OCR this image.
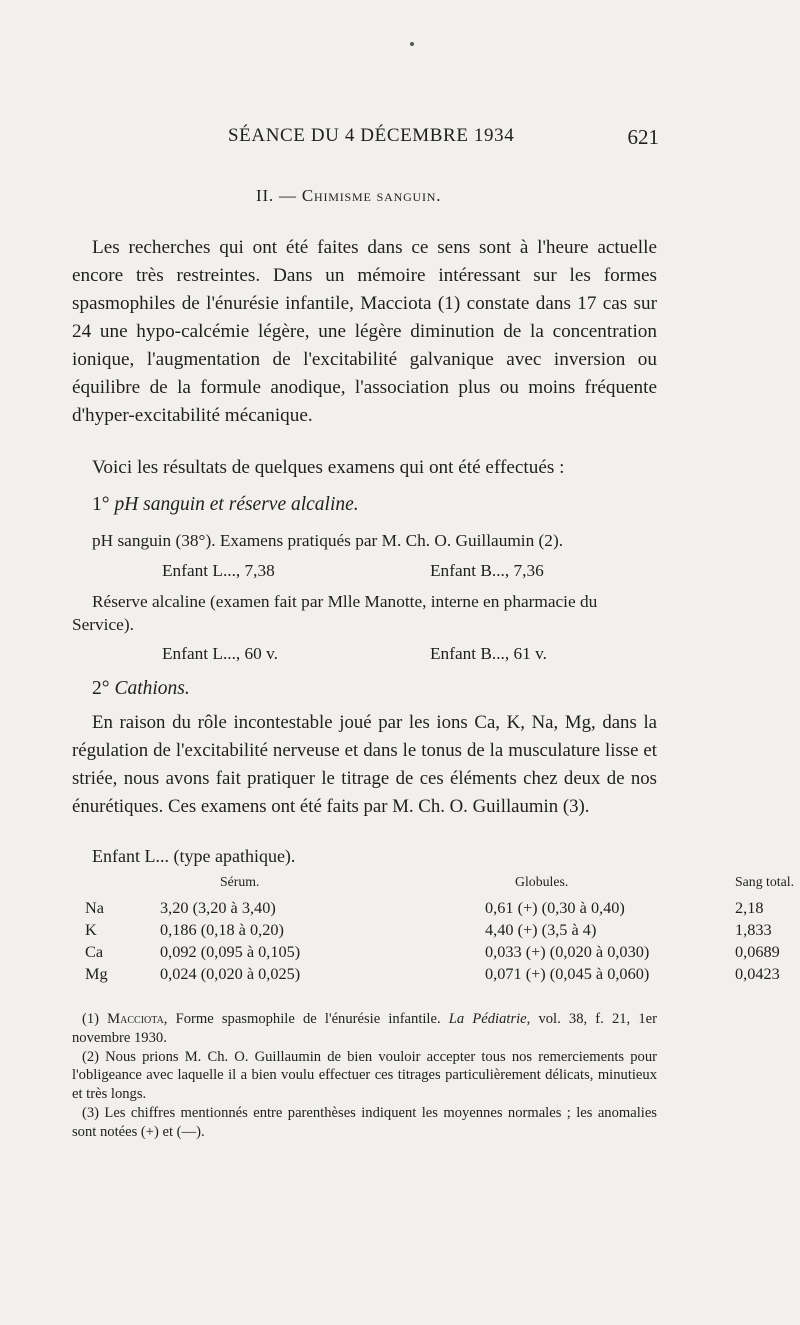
SÉANCE DU 4 DÉCEMBRE 1934	621
II. — Chimisme sanguin.

Les recherches qui ont été faites dans ce sens sont à l'heure actuelle encore très restreintes. Dans un mémoire intéressant sur les formes spasmophiles de l'énurésie infantile, Macciota (1) constate dans 17 cas sur 24 une hypo-calcémie légère, une légère diminution de la concentration ionique, l'augmentation de l'excitabilité galvanique avec inversion ou équilibre de la formule anodique, l'association plus ou moins fréquente d'hyper-excitabilité mécanique.

Voici les résultats de quelques examens qui ont été effectués :

1° pH sanguin et réserve alcaline.
pH sanguin (38°). Examens pratiqués par M. Ch. O. Guillaumin (2).
Enfant L..., 7,38	Enfant B..., 7,36
Réserve alcaline (examen fait par Mlle Manotte, interne en pharmacie du Service).
Enfant L..., 60 v.	Enfant B..., 61 v.
2° Cathions.

En raison du rôle incontestable joué par les ions Ca, K, Na, Mg, dans la régulation de l'excitabilité nerveuse et dans le tonus de la musculature lisse et striée, nous avons fait pratiquer le titrage de ces éléments chez deux de nos énurétiques. Ces examens ont été faits par M. Ch. O. Guillaumin (3).

Enfant L... (type apathique).
	Sérum.	Globules.	Sang total.
Na	3,20 (3,20 à 3,40)	0,61 (+) (0,30 à 0,40)	2,18
K	0,186 (0,18 à 0,20)	4,40 (+) (3,5 à 4)	1,833
Ca	0,092 (0,095 à 0,105)	0,033 (+) (0,020 à 0,030)	0,0689
Mg	0,024 (0,020 à 0,025)	0,071 (+) (0,045 à 0,060)	0,0423

(1) Macciota, Forme spasmophile de l'énurésie infantile. La Pédiatrie, vol. 38, f. 21, 1er novembre 1930.

(2) Nous prions M. Ch. O. Guillaumin de bien vouloir accepter tous nos remerciements pour l'obligeance avec laquelle il a bien voulu effectuer ces titrages particulièrement délicats, minutieux et très longs.

(3) Les chiffres mentionnés entre parenthèses indiquent les moyennes normales ; les anomalies sont notées (+) et (—).
